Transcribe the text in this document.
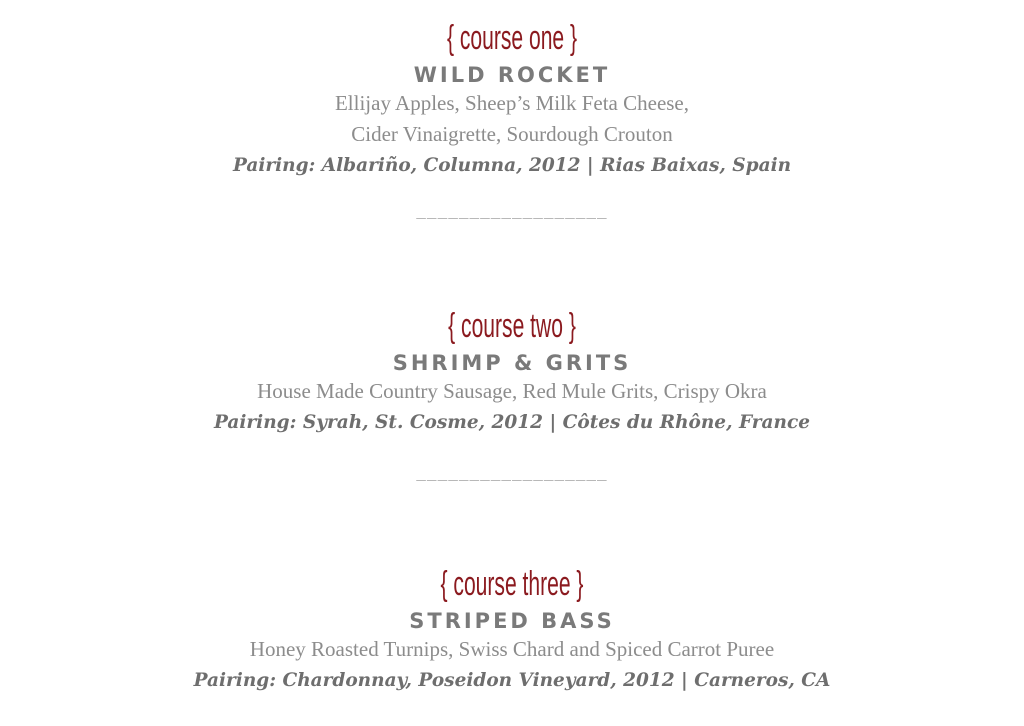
{ course one }
WILD ROCKET
Ellijay Apples, Sheep’s Milk Feta Cheese,
Cider Vinaigrette, Sourdough Crouton
Pairing: Albariño, Columna, 2012 | Rias Baixas, Spain
__________________
{ course two }
SHRIMP & GRITS
House Made Country Sausage, Red Mule Grits, Crispy Okra
Pairing: Syrah, St. Cosme, 2012 | Côtes du Rhône, France
__________________
{ course three }
STRIPED BASS
Honey Roasted Turnips, Swiss Chard and Spiced Carrot Puree
Pairing: Chardonnay, Poseidon Vineyard, 2012 | Carneros, CA
